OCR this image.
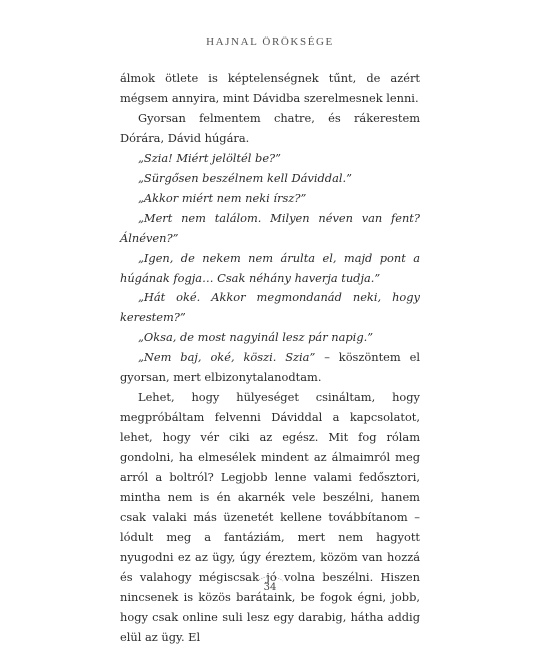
HAJNAL ÖRÖKSÉGE

álmok ötlete is képtelenségnek tűnt, de azért mégsem annyira, mint Dávidba szerelmesnek lenni.

Gyorsan felmentem chatre, és rákerestem Dórára, Dávid húgára.

„Szia! Miért jelöltél be?”

„Sürgősen beszélnem kell Dáviddal.”

„Akkor miért nem neki írsz?”

„Mert nem találom. Milyen néven van fent? Álnéven?”

„Igen, de nekem nem árulta el, majd pont a húgának fogja… Csak néhány haverja tudja.”

„Hát oké. Akkor megmondanád neki, hogy kerestem?”

„Oksa, de most nagyinál lesz pár napig.”

„Nem baj, oké, köszi. Szia” – köszöntem el gyorsan, mert elbizonytalanodtam.

Lehet, hogy hülyeséget csináltam, hogy megpróbáltam felvenni Dáviddal a kapcsolatot, lehet, hogy vér ciki az egész. Mit fog rólam gondolni, ha elmesélek mindent az álmaimról meg arról a boltról? Legjobb lenne valami fedősztori, mintha nem is én akarnék vele beszélni, hanem csak valaki más üzenetét kellene továbbítanom – lódult meg a fantáziám, mert nem hagyott nyugodni ez az ügy, úgy éreztem, közöm van hozzá és valahogy mégiscsak jó volna beszélni. Hiszen nincsenek is közös barátaink, be fogok égni, jobb, hogy csak online suli lesz egy darabig, hátha addig elül az ügy. El

34
